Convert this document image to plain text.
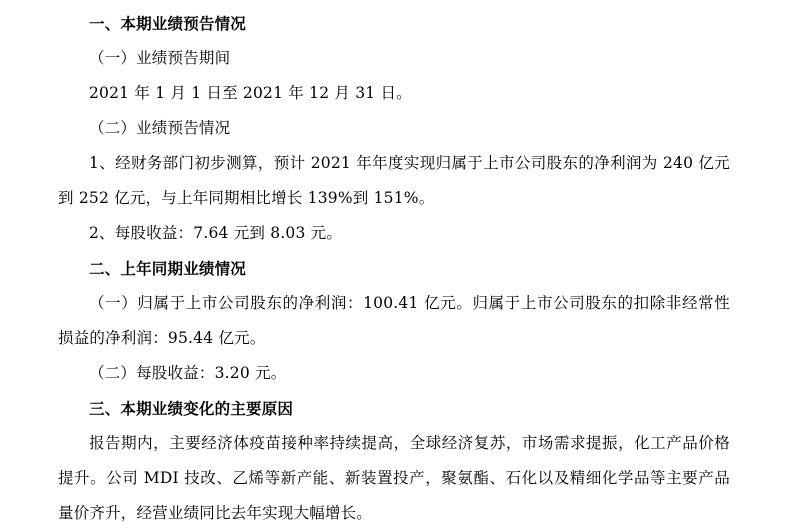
一、本期业绩预告情况

（一）业绩预告期间

2021 年 1 月 1 日至 2021 年 12 月 31 日。

（二）业绩预告情况

1、经财务部门初步测算，预计 2021 年年度实现归属于上市公司股东的净利润为 240 亿元到 252 亿元，与上年同期相比增长 139%到 151%。

2、每股收益：7.64 元到 8.03 元。

二、上年同期业绩情况

（一）归属于上市公司股东的净利润：100.41 亿元。归属于上市公司股东的扣除非经常性损益的净利润：95.44 亿元。

（二）每股收益：3.20 元。

三、本期业绩变化的主要原因

报告期内，主要经济体疫苗接种率持续提高，全球经济复苏，市场需求提振，化工产品价格提升。公司 MDI 技改、乙烯等新产能、新装置投产，聚氨酯、石化以及精细化学品等主要产品量价齐升，经营业绩同比去年实现大幅增长。
